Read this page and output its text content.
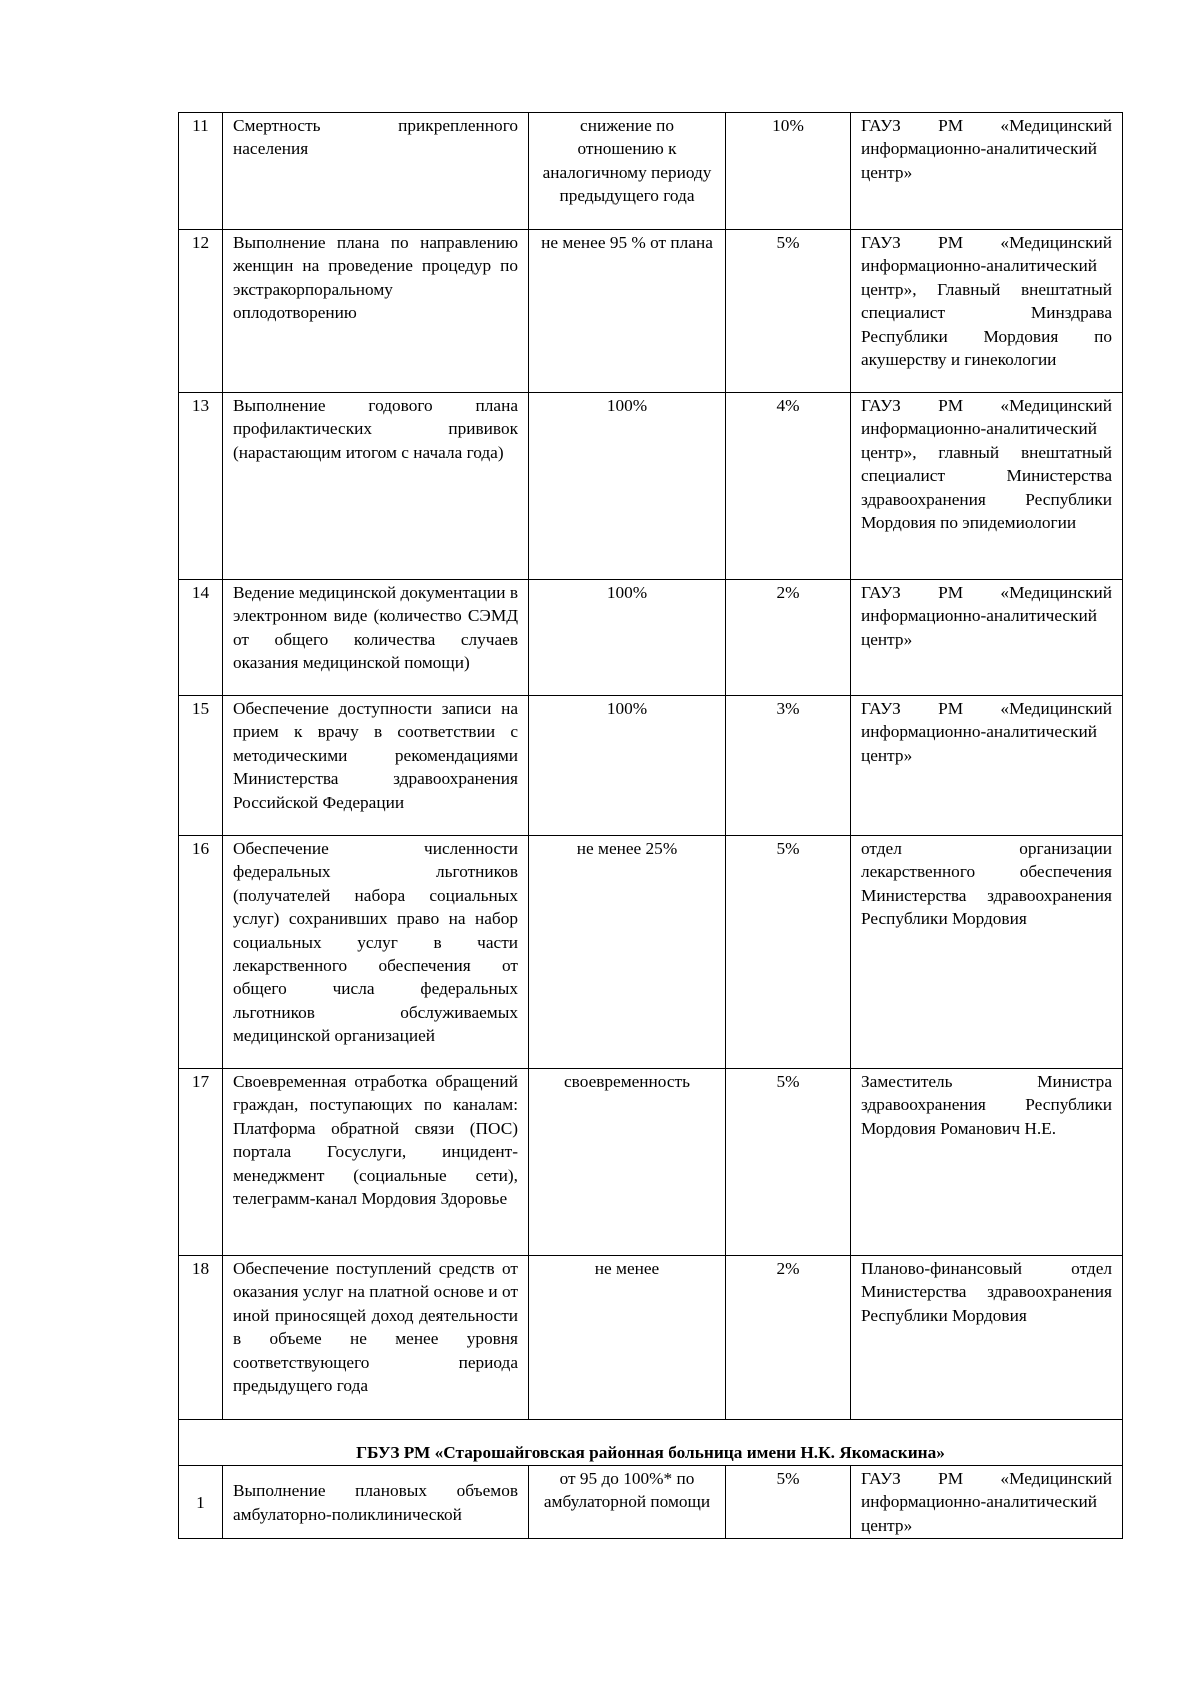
11	Смертность прикрепленного населения	снижение по отношению к аналогичному периоду предыдущего года	10%	ГАУЗ РМ «Медицинский информационно-аналитический центр»
12	Выполнение плана по направлению женщин на проведение процедур по экстракорпоральному оплодотворению	не менее 95 % от плана	5%	ГАУЗ РМ «Медицинский информационно-аналитический центр», Главный внештатный специалист Минздрава Республики Мордовия по акушерству и гинекологии
13	Выполнение годового плана профилактических прививок (нарастающим итогом с начала года)	100%	4%	ГАУЗ РМ «Медицинский информационно-аналитический центр», главный внештатный специалист Министерства здравоохранения Республики Мордовия по эпидемиологии
14	Ведение медицинской документации в электронном виде (количество СЭМД от общего количества случаев оказания медицинской помощи)	100%	2%	ГАУЗ РМ «Медицинский информационно-аналитический центр»
15	Обеспечение доступности записи на прием к врачу в соответствии с методическими рекомендациями Министерства здравоохранения Российской Федерации	100%	3%	ГАУЗ РМ «Медицинский информационно-аналитический центр»
16	Обеспечение численности федеральных льготников (получателей набора социальных услуг) сохранивших право на набор социальных услуг в части лекарственного обеспечения от общего числа федеральных льготников обслуживаемых медицинской организацией	не менее 25%	5%	отдел организации лекарственного обеспечения Министерства здравоохранения Республики Мордовия
17	Своевременная отработка обращений граждан, поступающих по каналам: Платформа обратной связи (ПОС) портала Госуслуги, инцидент-менеджмент (социальные сети), телеграмм-канал Мордовия Здоровье	своевременность	5%	Заместитель Министра здравоохранения Республики Мордовия Романович Н.Е.
18	Обеспечение поступлений средств от оказания услуг на платной основе и от иной приносящей доход деятельности в объеме не менее уровня соответствующего периода предыдущего года	не менее	2%	Планово-финансовый отдел Министерства здравоохранения Республики Мордовия
ГБУЗ РМ «Старошайговская районная больница имени Н.К. Якомаскина»				
1	Выполнение плановых объемов амбулаторно-поликлинической	от 95 до 100%* по амбулаторной помощи	5%	ГАУЗ РМ «Медицинский информационно-аналитический центр»
